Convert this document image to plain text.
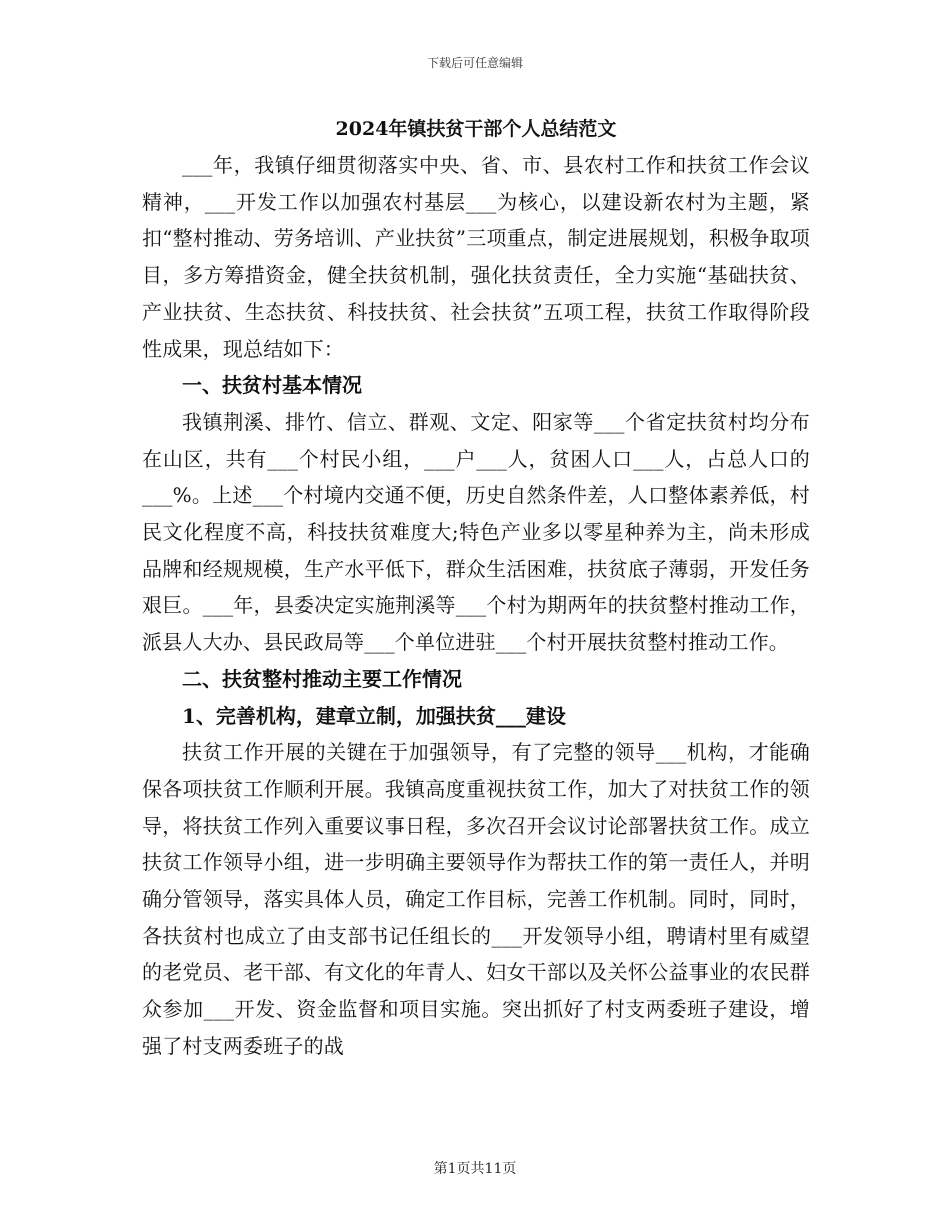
下载后可任意编辑
2024年镇扶贫干部个人总结范文

___年，我镇仔细贯彻落实中央、省、市、县农村工作和扶贫工作会议精神，___开发工作以加强农村基层___为核心，以建设新农村为主题，紧扣“整村推动、劳务培训、产业扶贫”三项重点，制定进展规划，积极争取项目，多方筹措资金，健全扶贫机制，强化扶贫责任，全力实施“基础扶贫、产业扶贫、生态扶贫、科技扶贫、社会扶贫”五项工程，扶贫工作取得阶段性成果，现总结如下：

一、扶贫村基本情况

我镇荆溪、排竹、信立、群观、文定、阳家等___个省定扶贫村均分布在山区，共有___个村民小组，___户___人，贫困人口___人，占总人口的___%。上述___个村境内交通不便，历史自然条件差，人口整体素养低，村民文化程度不高，科技扶贫难度大;特色产业多以零星种养为主，尚未形成品牌和经规规模，生产水平低下，群众生活困难，扶贫底子薄弱，开发任务艰巨。___年，县委决定实施荆溪等___个村为期两年的扶贫整村推动工作，派县人大办、县民政局等___个单位进驻___个村开展扶贫整村推动工作。

二、扶贫整村推动主要工作情况

1、完善机构，建章立制，加强扶贫___建设

扶贫工作开展的关键在于加强领导，有了完整的领导___机构，才能确保各项扶贫工作顺利开展。我镇高度重视扶贫工作，加大了对扶贫工作的领导，将扶贫工作列入重要议事日程，多次召开会议讨论部署扶贫工作。成立扶贫工作领导小组，进一步明确主要领导作为帮扶工作的第一责任人，并明确分管领导，落实具体人员，确定工作目标，完善工作机制。同时，同时，各扶贫村也成立了由支部书记任组长的___开发领导小组，聘请村里有威望的老党员、老干部、有文化的年青人、妇女干部以及关怀公益事业的农民群众参加___开发、资金监督和项目实施。突出抓好了村支两委班子建设，增强了村支两委班子的战

第1页共11页
